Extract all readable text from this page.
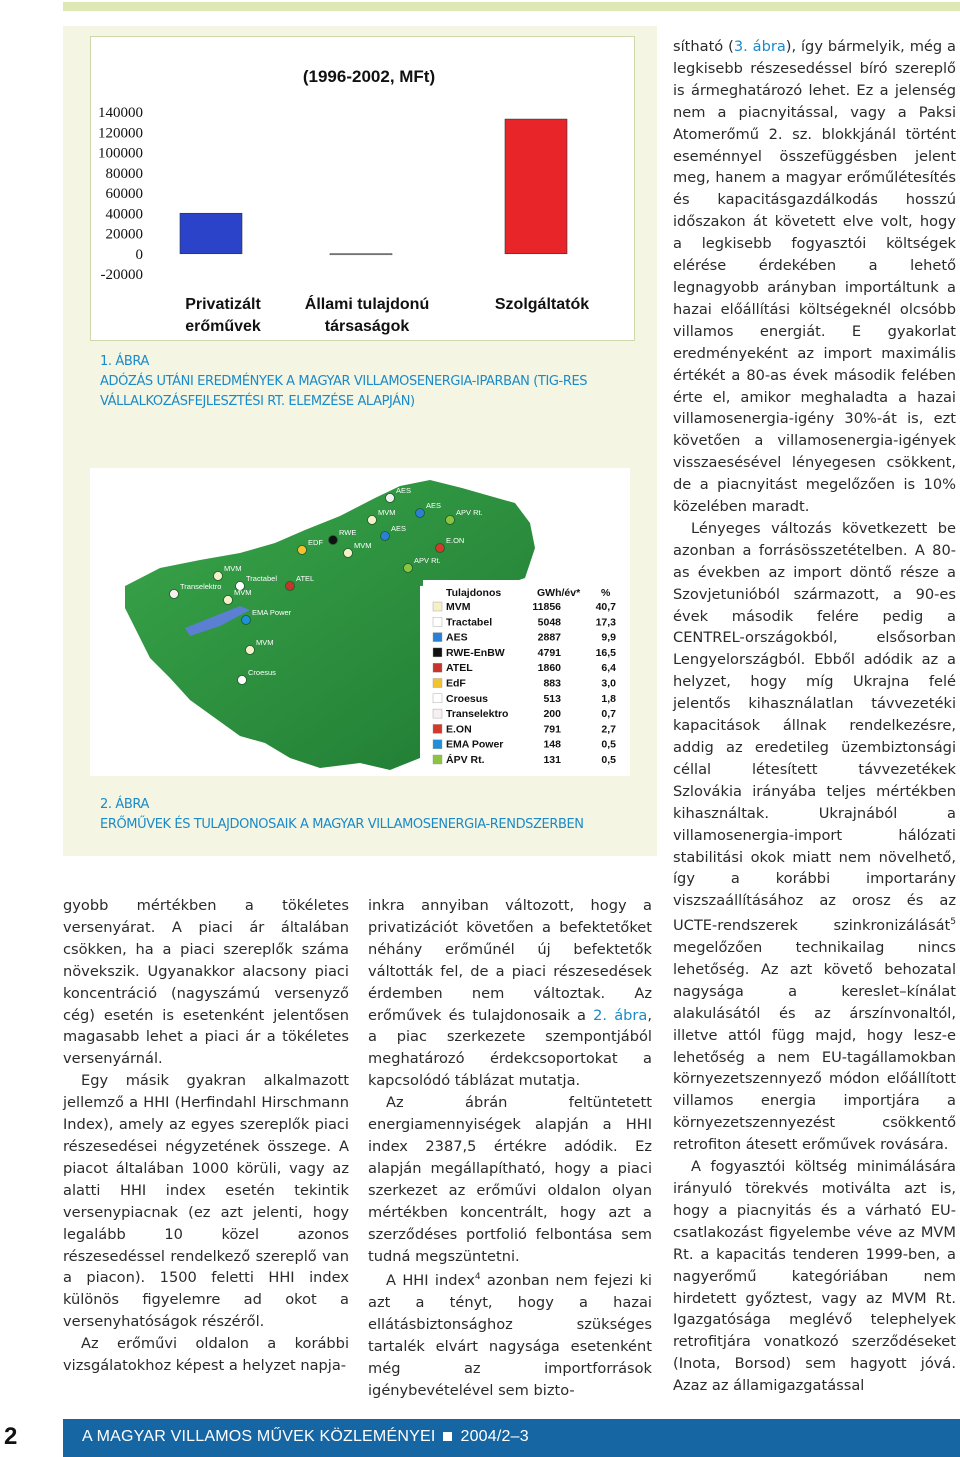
(1996-2002, MFt)
140000
120000
100000
80000
60000
40000
20000
0
-20000
Privatizált
erőművek
Állami tulajdonú
társaságok
Szolgáltatók
1. ÁBRA
ADÓZÁS UTÁNI EREDMÉNYEK A MAGYAR VILLAMOSENERGIA-IPARBAN (TIG-RES VÁLLALKOZÁSFEJLESZTÉSI RT. ELEMZÉSE ALAPJÁN)
AES
MVM
AES
APV Rt.
RWE
EDF	MVM
AES
E.ON
APV Rt.
MVM
Tractabel
Transelektro
MVM
ATEL
EMA Power
MVM
Croesus
Tulajdonos	GWh/év* %
MVM	11856	40,7
Tractabel	5048	17,3
AES	2887	9,9
RWE-EnBW	4791	16,5
ATEL	1860	6,4
EdF	883	3,0
Croesus	513	1,8
Transelektro	200	0,7
E.ON	791	2,7
EMA Power	148	0,5
ÁPV Rt.	131	0,5
2. ÁBRA
ERŐMŰVEK ÉS TULAJDONOSAIK A MAGYAR VILLAMOSENERGIA-RENDSZERBEN

gyobb mértékben a tökéletes versenyárat. A piaci ár általában csökken, ha a piaci szereplők száma növekszik. Ugyanakkor alacsony piaci koncentráció (nagyszámú versenyző cég) esetén is esetenként jelentősen magasabb lehet a piaci ár a tökéletes versenyárnál.

Egy másik gyakran alkalmazott jellemző a HHI (Herfindahl Hirschmann Index), amely az egyes szereplők piaci részesedései négyzetének összege. A piacot általában 1000 körüli, vagy az alatti HHI index esetén tekintik versenypiacnak (ez azt jelenti, hogy legalább 10 közel azonos részesedéssel rendelkező szereplő van a piacon). 1500 feletti HHI index különös figyelemre ad okot a versenyhatóságok részéről.

Az erőművi oldalon a korábbi vizsgálatokhoz képest a helyzet napja-

inkra annyiban változott, hogy a privatizációt követően a befektetőket néhány erőműnél új befektetők váltották fel, de a piaci részesedések érdemben nem változtak. Az erőművek és tulajdonosaik a 2. ábra, a piac szerkezete szempontjából meghatározó érdekcsoportokat a kapcsolódó táblázat mutatja.

Az ábrán feltüntetett energiamennyiségek alapján a HHI index 2387,5 értékre adódik. Ez alapján megállapítható, hogy a piaci szerkezet az erőművi oldalon olyan mértékben koncentrált, hogy azt a szerződéses portfolió felbontása sem tudná megszüntetni.

A HHI index$^4$ azonban nem fejezi ki azt a tényt, hogy a hazai ellátásbiztonsághoz szükséges tartalék elvárt nagysága esetenként még az importforrások igénybevételével sem bizto-

sítható (3. ábra), így bármelyik, még a legkisebb részesedéssel bíró szereplő is ármeghatározó lehet. Ez a jelenség nem a piacnyitással, vagy a Paksi Atomerőmű 2. sz. blokkjánál történt eseménnyel összefüggésben jelent meg, hanem a magyar erőműlétesítés és kapacitásgazdálkodás hosszú időszakon át követett elve volt, hogy a legkisebb fogyasztói költségek elérése érdekében a lehető legnagyobb arányban importáltunk a hazai előállítási költségeknél olcsóbb villamos energiát. E gyakorlat eredményeként az import maximális értékét a 80-as évek második felében érte el, amikor meghaladta a hazai villamosenergia-igény 30%-át is, ezt követően a villamosenergia-igények visszaesésével lényegesen csökkent, de a piacnyitást megelőzően is 10% közelében maradt.

Lényeges változás következett be azonban a forrásösszetételben. A 80-as években az import döntő része a Szovjetunióból származott, a 90-es évek második felére pedig a CENTREL-országokból, elsősorban Lengyelországból. Ebből adódik az a helyzet, hogy míg Ukrajna felé jelentős kihasználatlan távvezetéki kapacitások állnak rendelkezésre, addig az eredetileg üzembiztonsági céllal létesített távvezetékek Szlovákia irányába teljes mértékben kihasználtak. Ukrajnából a villamosenergia-import hálózati stabilitási okok miatt nem növelhető, így a korábbi importarány viszszaállításához az orosz és az UCTE-rendszerek szinkronizálását$^5$ megelőzően technikailag nincs lehetőség. Az azt követő behozatal nagysága a kereslet–kínálat alakulásától és az árszínvonaltól, illetve attól függ majd, hogy lesz-e lehetőség a nem EU-tagállamokban környezetszennyező módon előállított villamos energia importjára a környezetszennyezést csökkentő retrofiton átesett erőművek rovására.

A fogyasztói költség minimálására irányuló törekvés motiválta azt is, hogy a piacnyitás és a várható EU-csatlakozást figyelembe véve az MVM Rt. a kapacitás tenderen 1999-ben, a nagyerőmű kategóriában nem hirdetett győztest, vagy az MVM Rt. Igazgatósága meglévő telephelyek retrofitjára vonatkozó szerződéseket (Inota, Borsod) sem hagyott jóvá. Azaz az államigazgatással

2	A MAGYAR VILLAMOS MŰVEK KÖZLEMÉNYEI 2004/2–3
